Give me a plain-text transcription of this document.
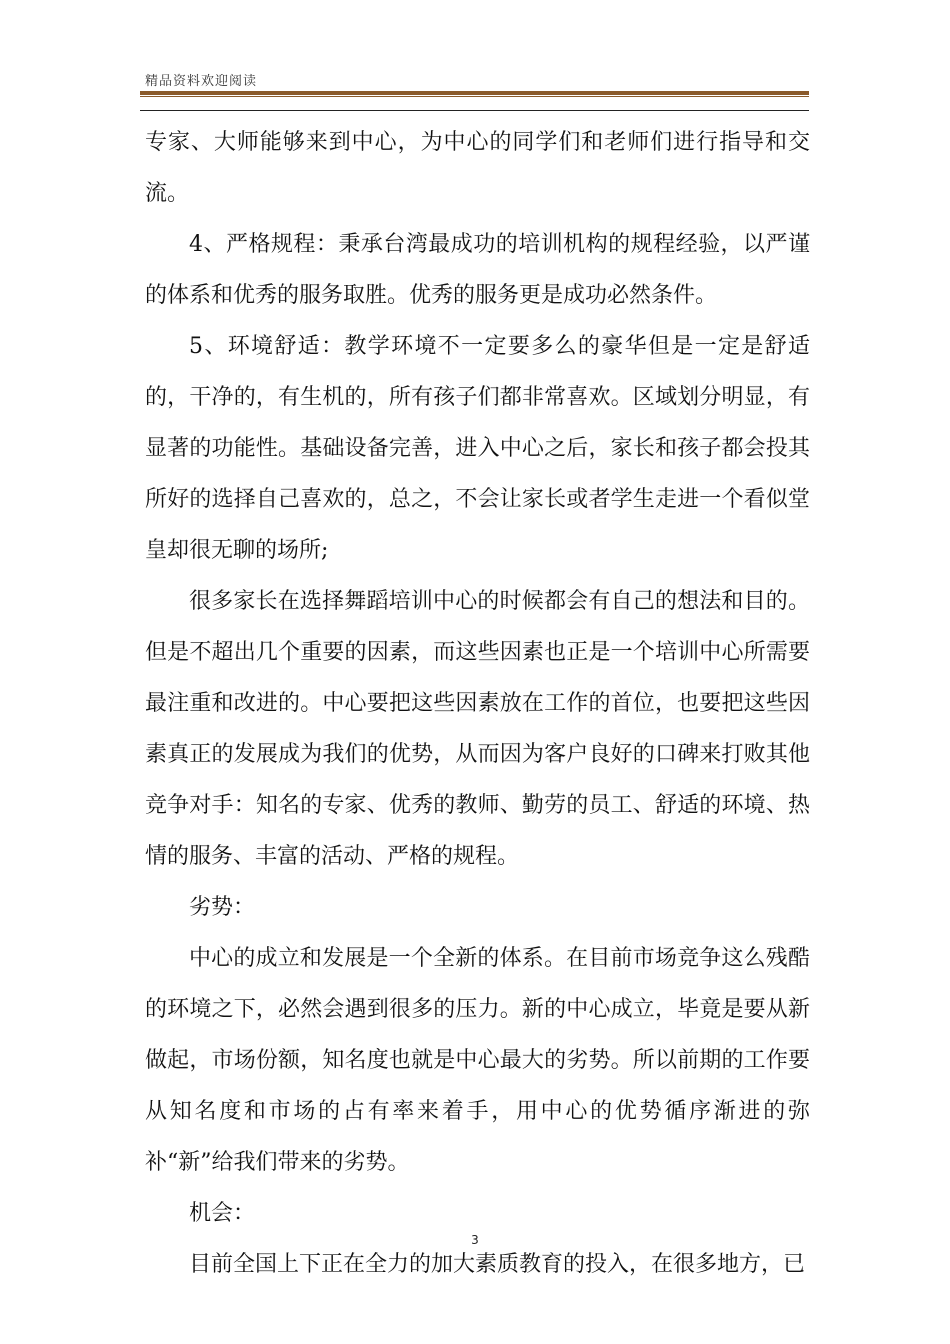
精品资料欢迎阅读

专家、大师能够来到中心，为中心的同学们和老师们进行指导和交流。

4、严格规程：秉承台湾最成功的培训机构的规程经验，以严谨的体系和优秀的服务取胜。优秀的服务更是成功必然条件。

5、环境舒适：教学环境不一定要多么的豪华但是一定是舒适的，干净的，有生机的，所有孩子们都非常喜欢。区域划分明显，有显著的功能性。基础设备完善，进入中心之后，家长和孩子都会投其所好的选择自己喜欢的，总之，不会让家长或者学生走进一个看似堂皇却很无聊的场所;

很多家长在选择舞蹈培训中心的时候都会有自己的想法和目的。但是不超出几个重要的因素，而这些因素也正是一个培训中心所需要最注重和改进的。中心要把这些因素放在工作的首位，也要把这些因素真正的发展成为我们的优势，从而因为客户良好的口碑来打败其他竞争对手：知名的专家、优秀的教师、勤劳的员工、舒适的环境、热情的服务、丰富的活动、严格的规程。

劣势：

中心的成立和发展是一个全新的体系。在目前市场竞争这么残酷的环境之下，必然会遇到很多的压力。新的中心成立，毕竟是要从新做起，市场份额，知名度也就是中心最大的劣势。所以前期的工作要从知名度和市场的占有率来着手，用中心的优势循序渐进的弥补“新”给我们带来的劣势。

机会：

目前全国上下正在全力的加大素质教育的投入，在很多地方，已

3
